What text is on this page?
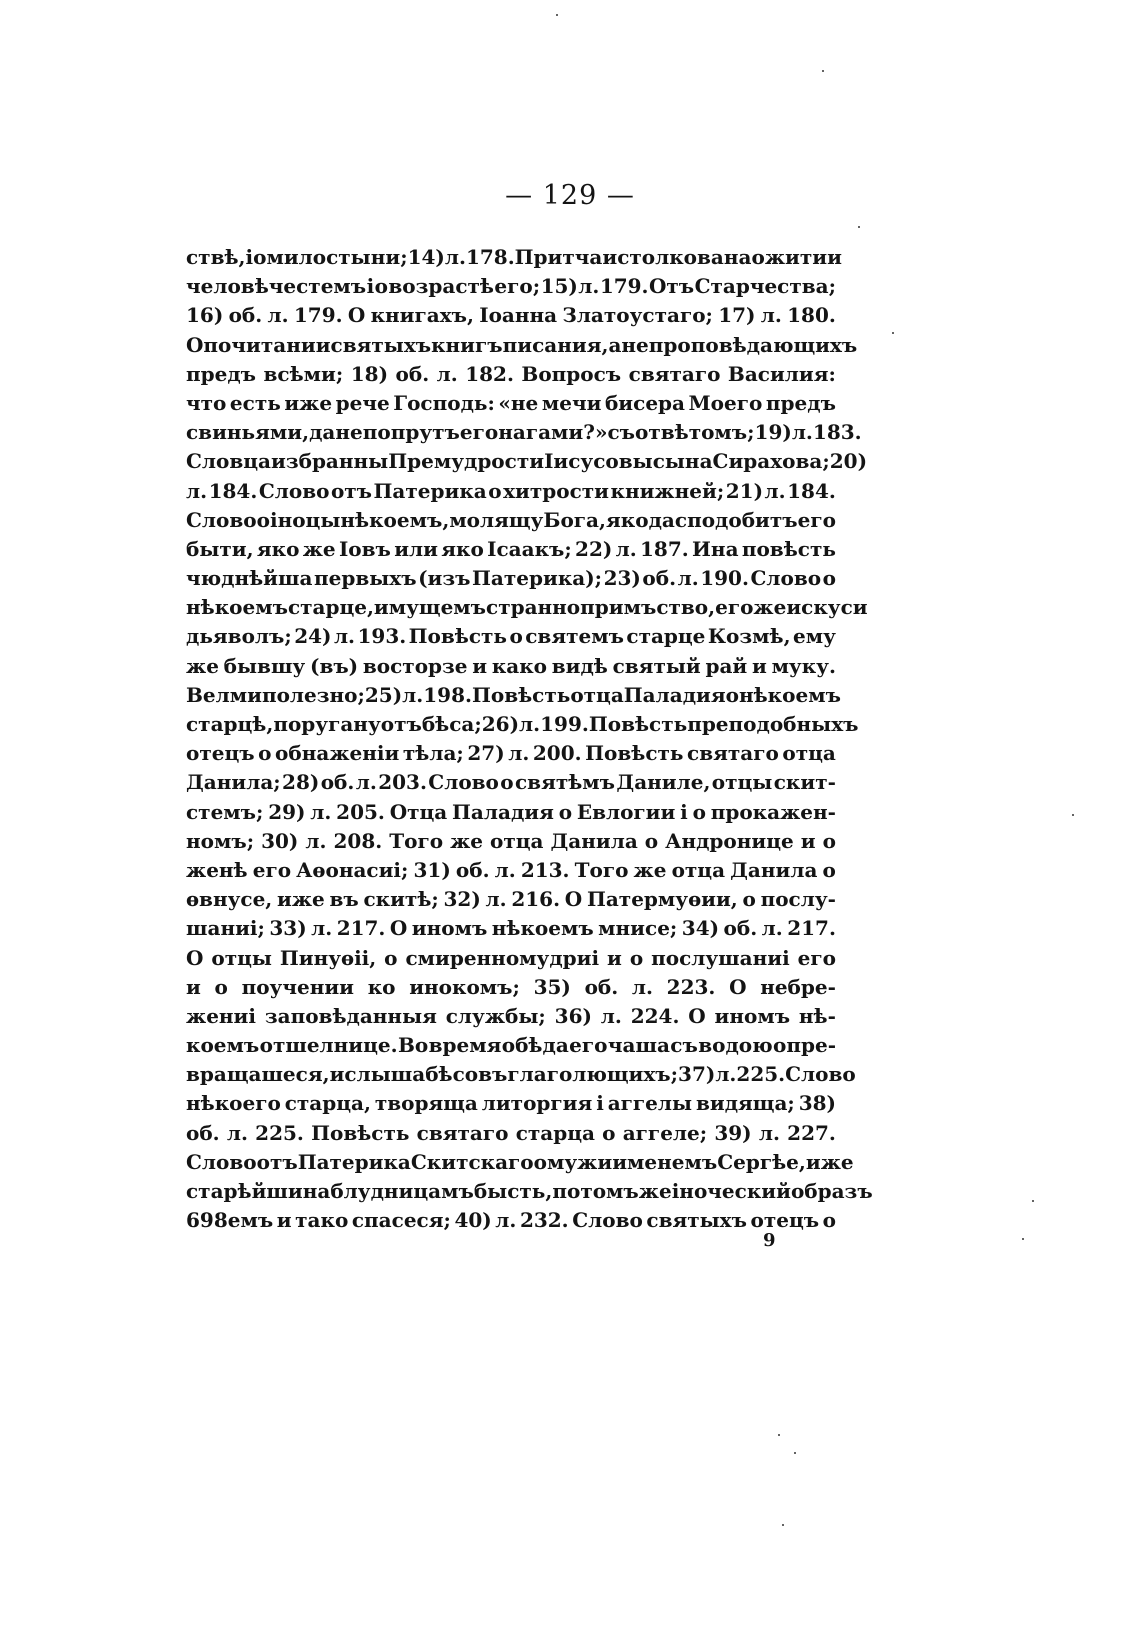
— 129 —
ствѣ, і о милостыни; 14) л. 178. Притча истолкована о житии
человѣчестемъ і о возрастѣ его; 15) л. 179. Отъ Старчества;
16) об. л. 179. О книгахъ, Іоанна Златоустаго; 17) л. 180.
О почитании святыхъ книгъ писания, а не проповѣдающихъ
предъ всѣми; 18) об. л. 182. Вопросъ святаго Василия:
что есть иже рече Господь: «не мечи бисера Моего предъ
свиньями, да не попрутъ его нагами?» съ отвѣтомъ; 19) л. 183.
Словца избранны Премудрости Іисусовы сына Сирахова; 20)
л. 184. Слово отъ Патерика о хитрости книжней; 21) л. 184.
Слово о іноцы нѣкоемъ, молящу Бога, яко да сподобитъ его
быти, яко же Іовъ или яко Ісаакъ; 22) л. 187. Ина повѣсть
чюднѣйша первыхъ (изъ Патерика); 23) об. л. 190. Слово о
нѣкоемъ старце, имущемъ страннопримъство, его же искуси
дьяволъ; 24) л. 193. Повѣсть о святемъ старце Козмѣ, ему
же бывшу (въ) восторзе и како видѣ святый рай и муку.
Велми полезно; 25) л. 198. Повѣсть отца Паладия о нѣкоемъ
старцѣ, поругану отъ бѣса; 26) л. 199. Повѣсть преподобныхъ
отецъ о обнаженіи тѣла; 27) л. 200. Повѣсть святаго отца
Данила; 28) об. л. 203. Слово о святѣмъ Даниле, отцы скит-
стемъ; 29) л. 205. Отца Паладия о Евлогии і о прокажен-
номъ; 30) л. 208. Того же отца Данила о Андронице и о
женѣ его Аѳонасиі; 31) об. л. 213. Того же отца Данила о
ѳвнусе, иже въ скитѣ; 32) л. 216. О Патермуѳии, о послу-
шаниі; 33) л. 217. О иномъ нѣкоемъ мнисе; 34) об. л. 217.
О отцы Пинуѳіі, о смиренномудриі и о послушаниі его
и о поучении ко инокомъ; 35) об. л. 223. О небре-
жениі заповѣданныя службы; 36) л. 224. О иномъ нѣ-
коемъ отшелнице. Во время обѣда его чаша съ водою опре-
вращашеся, и слыша бѣсовъ глаголющихъ; 37) л. 225. Слово
нѣкоего старца, творяща литоргия і аггелы видяща; 38)
об. л. 225. Повѣсть святаго старца о аггеле; 39) л. 227.
Слово отъ Патерика Скитскаго о мужи именемъ Сергѣе, иже
старѣйшина блудницамъ бысть, потомъ же іноческий образъ
698емъ и тако спасеся; 40) л. 232. Слово святыхъ отецъ о
9
